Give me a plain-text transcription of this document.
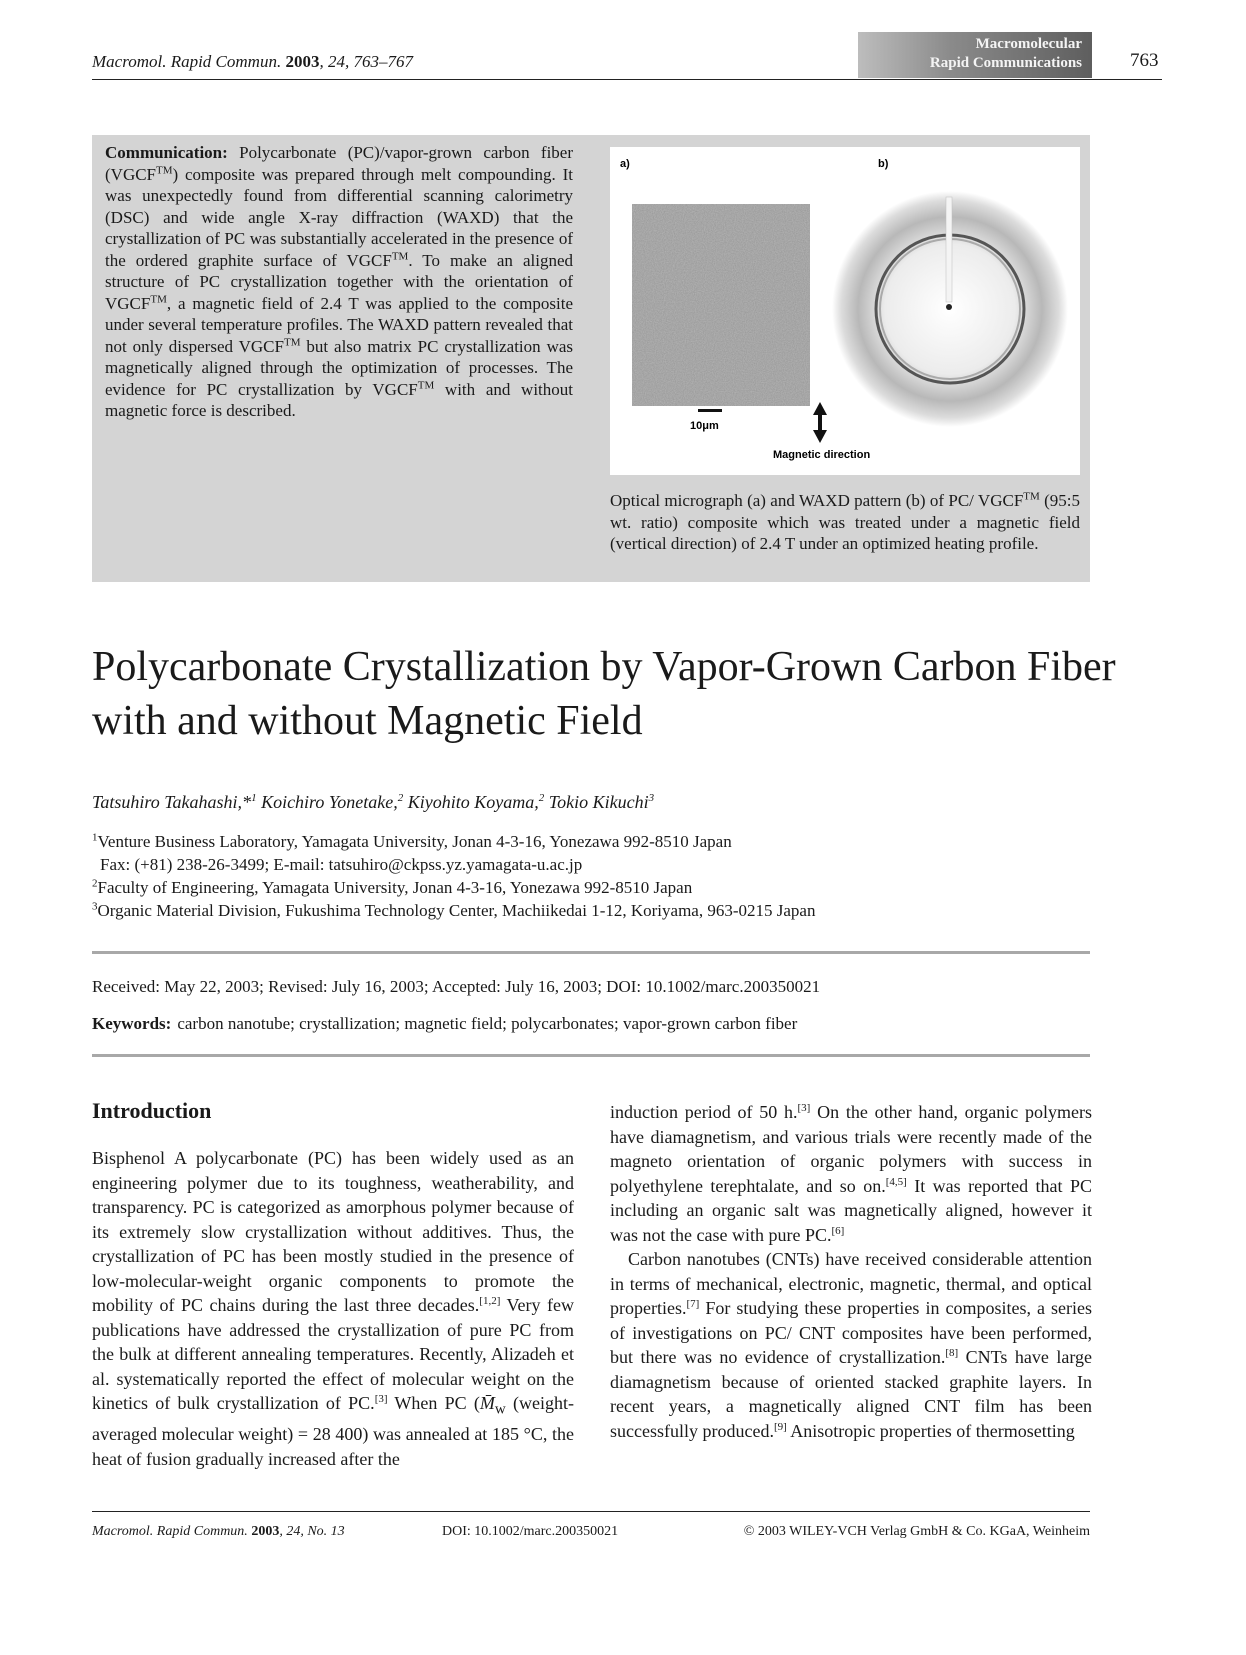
Macromol. Rapid Commun. 2003, 24, 763–767
Macromolecular
Rapid Communications	763
Communication: Polycarbonate (PC)/vapor-grown carbon fiber (VGCF™) composite was prepared through melt compounding. It was unexpectedly found from differential scanning calorimetry (DSC) and wide angle X-ray diffraction (WAXD) that the crystallization of PC was substantially accelerated in the presence of the ordered graphite surface of VGCF™. To make an aligned structure of PC crystallization together with the orientation of VGCF™, a magnetic field of 2.4 T was applied to the composite under several temperature profiles. The WAXD pattern revealed that not only dispersed VGCF™ but also matrix PC crystallization was magnetically aligned through the optimization of processes. The evidence for PC crystallization by VGCF™ with and without magnetic force is described.
a)	b)
10μm
Magnetic direction
Optical micrograph (a) and WAXD pattern (b) of PC/ VGCF™ (95:5 wt. ratio) composite which was treated under a magnetic field (vertical direction) of 2.4 T under an optimized heating profile.
Polycarbonate Crystallization by Vapor-Grown Carbon Fiber with and without Magnetic Field
Tatsuhiro Takahashi,*$^1$ Koichiro Yonetake,$^2$ Kiyohito Koyama,$^2$ Tokio Kikuchi$^3$
$^1$Venture Business Laboratory, Yamagata University, Jonan 4-3-16, Yonezawa 992-8510 Japan
Fax: (+81) 238-26-3499; E-mail: tatsuhiro@ckpss.yz.yamagata-u.ac.jp
$^2$Faculty of Engineering, Yamagata University, Jonan 4-3-16, Yonezawa 992-8510 Japan
$^3$Organic Material Division, Fukushima Technology Center, Machiikedai 1-12, Koriyama, 963-0215 Japan
Received: May 22, 2003; Revised: July 16, 2003; Accepted: July 16, 2003; DOI: 10.1002/marc.200350021
Keywords: carbon nanotube; crystallization; magnetic field; polycarbonates; vapor-grown carbon fiber
Introduction

Bisphenol A polycarbonate (PC) has been widely used as an engineering polymer due to its toughness, weatherability, and transparency. PC is categorized as amorphous polymer because of its extremely slow crystallization without additives. Thus, the crystallization of PC has been mostly studied in the presence of low-molecular-weight organic components to promote the mobility of PC chains during the last three decades.[1,2] Very few publications have addressed the crystallization of pure PC from the bulk at different annealing temperatures. Recently, Alizadeh et al. systematically reported the effect of molecular weight on the kinetics of bulk crystallization of PC.[3] When PC ($M̄_w$ (weight-averaged molecular weight) = 28 400) was annealed at 185 °C, the heat of fusion gradually increased after the

induction period of 50 h.[3] On the other hand, organic polymers have diamagnetism, and various trials were recently made of the magneto orientation of organic polymers with success in polyethylene terephtalate, and so on.[4,5] It was reported that PC including an organic salt was magnetically aligned, however it was not the case with pure PC.[6]

Carbon nanotubes (CNTs) have received considerable attention in terms of mechanical, electronic, magnetic, thermal, and optical properties.[7] For studying these properties in composites, a series of investigations on PC/ CNT composites have been performed, but there was no evidence of crystallization.[8] CNTs have large diamagnetism because of oriented stacked graphite layers. In recent years, a magnetically aligned CNT film has been successfully produced.[9] Anisotropic properties of thermosetting

Macromol. Rapid Commun. 2003, 24, No. 13	DOI: 10.1002/marc.200350021	© 2003 WILEY-VCH Verlag GmbH & Co. KGaA, Weinheim
